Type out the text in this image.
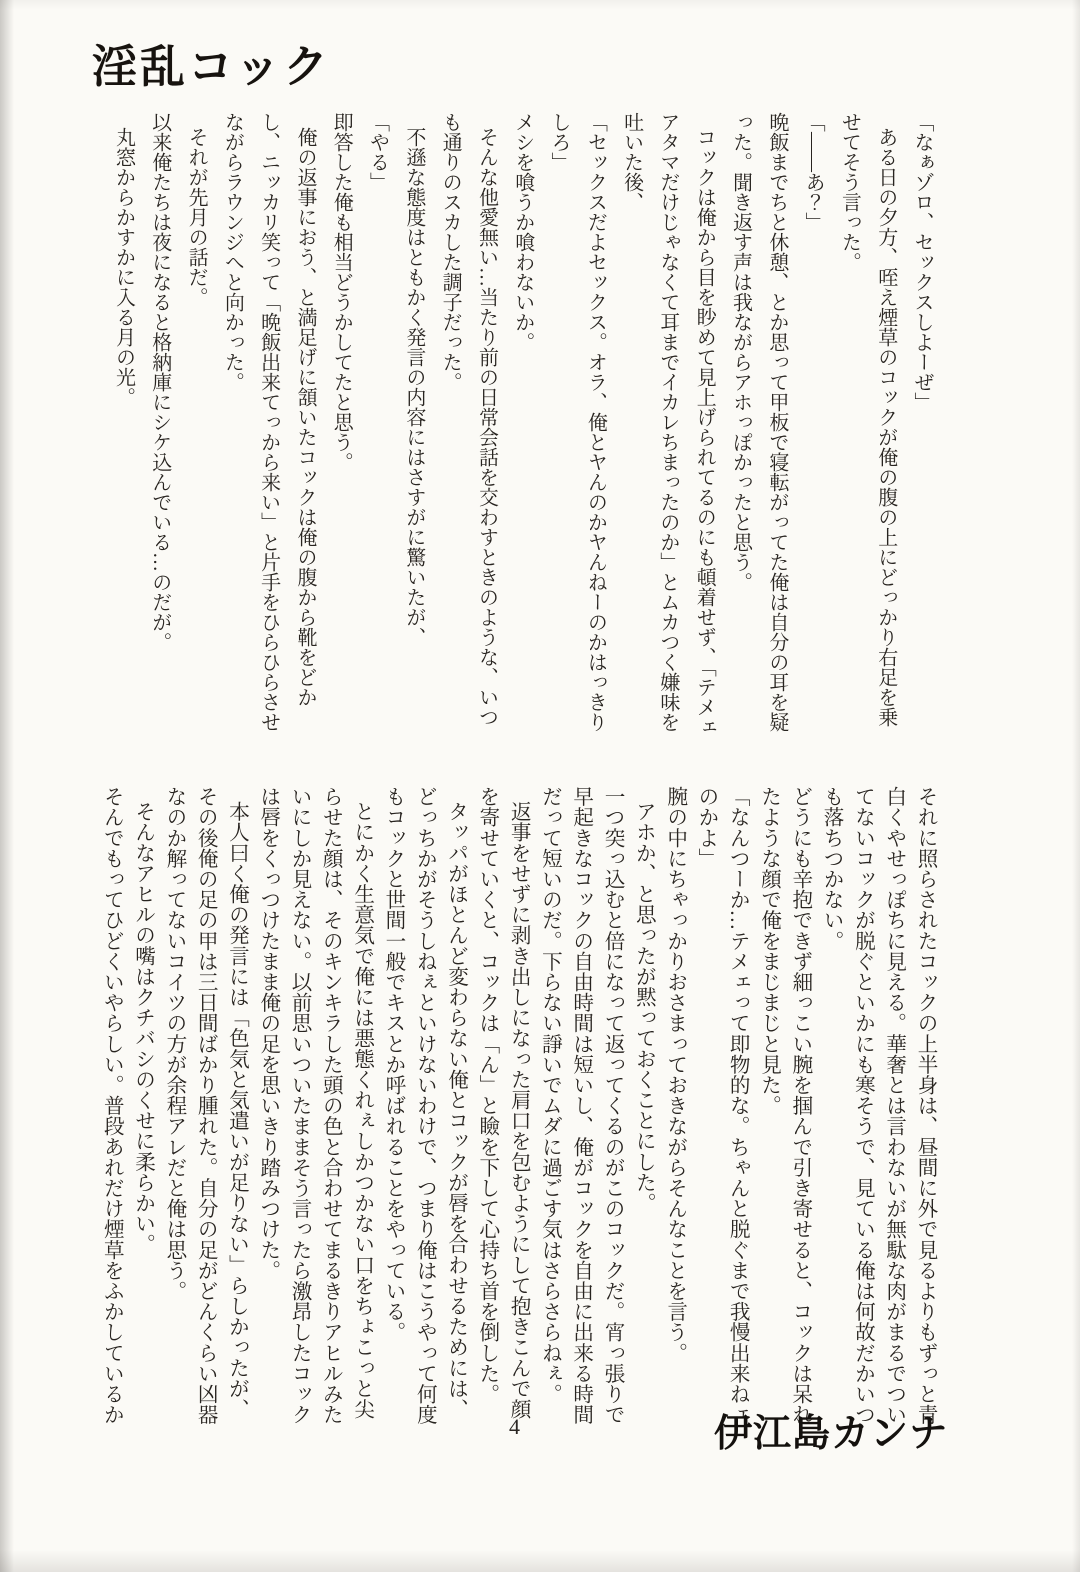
淫乱コック

「なぁゾロ、セックスしよーぜ」

ある日の夕方、咥え煙草のコックが俺の腹の上にどっかり右足を乗せてそう言った。

「――あ？」

晩飯までちと休憩、とか思って甲板で寝転がってた俺は自分の耳を疑った。聞き返す声は我ながらアホっぽかったと思う。

コックは俺から目を眇めて見上げられてるのにも頓着せず、「テメェアタマだけじゃなくて耳までイカレちまったのか」とムカつく嫌味を吐いた後、

「セックスだよセックス。オラ、俺とヤんのかヤんねーのかはっきりしろ」

メシを喰うか喰わないか。

そんな他愛無い…当たり前の日常会話を交わすときのような、いつも通りのスカした調子だった。

不遜な態度はともかく発言の内容にはさすがに驚いたが、

「やる」

即答した俺も相当どうかしてたと思う。

俺の返事におう、と満足げに頷いたコックは俺の腹から靴をどかし、ニッカリ笑って「晩飯出来てっから来い」と片手をひらひらさせながらラウンジへと向かった。

それが先月の話だ。

以来俺たちは夜になると格納庫にシケ込んでいる…のだが。

丸窓からかすかに入る月の光。

それに照らされたコックの上半身は、昼間に外で見るよりもずっと青白くやせっぽちに見える。華奢とは言わないが無駄な肉がまるでついてないコックが脱ぐといかにも寒そうで、見ている俺は何故だかいつも落ちつかない。

どうにも辛抱できず細っこい腕を掴んで引き寄せると、コックは呆れたような顔で俺をまじまじと見た。

「なんつーか…テメェって即物的な。ちゃんと脱ぐまで我慢出来ねェのかよ」

腕の中にちゃっかりおさまっておきながらそんなことを言う。

アホか、と思ったが黙っておくことにした。

一つ突っ込むと倍になって返ってくるのがこのコックだ。宵っ張りで早起きなコックの自由時間は短いし、俺がコックを自由に出来る時間だって短いのだ。下らない諍いでムダに過ごす気はさらさらねぇ。

返事をせずに剥き出しになった肩口を包むようにして抱きこんで顔を寄せていくと、コックは「ん」と瞼を下して心持ち首を倒した。

タッパがほとんど変わらない俺とコックが唇を合わせるためには、どっちかがそうしねぇといけないわけで、つまり俺はこうやって何度もコックと世間一般でキスとか呼ばれることをやっている。

とにかく生意気で俺には悪態くれぇしかつかない口をちょこっと尖らせた顔は、そのキンキラした頭の色と合わせてまるきりアヒルみたいにしか見えない。以前思いついたままそう言ったら激昂したコックは唇をくっつけたまま俺の足を思いきり踏みつけた。

本人曰く俺の発言には「色気と気遣いが足りない」らしかったが、その後俺の足の甲は三日間ばかり腫れた。自分の足がどんくらい凶器なのか解ってないコイツの方が余程アレだと俺は思う。

そんなアヒルの嘴はクチバシのくせに柔らかい。

そんでもってひどくいやらしい。普段あれだけ煙草をふかしているか

伊江島カンナ
4
